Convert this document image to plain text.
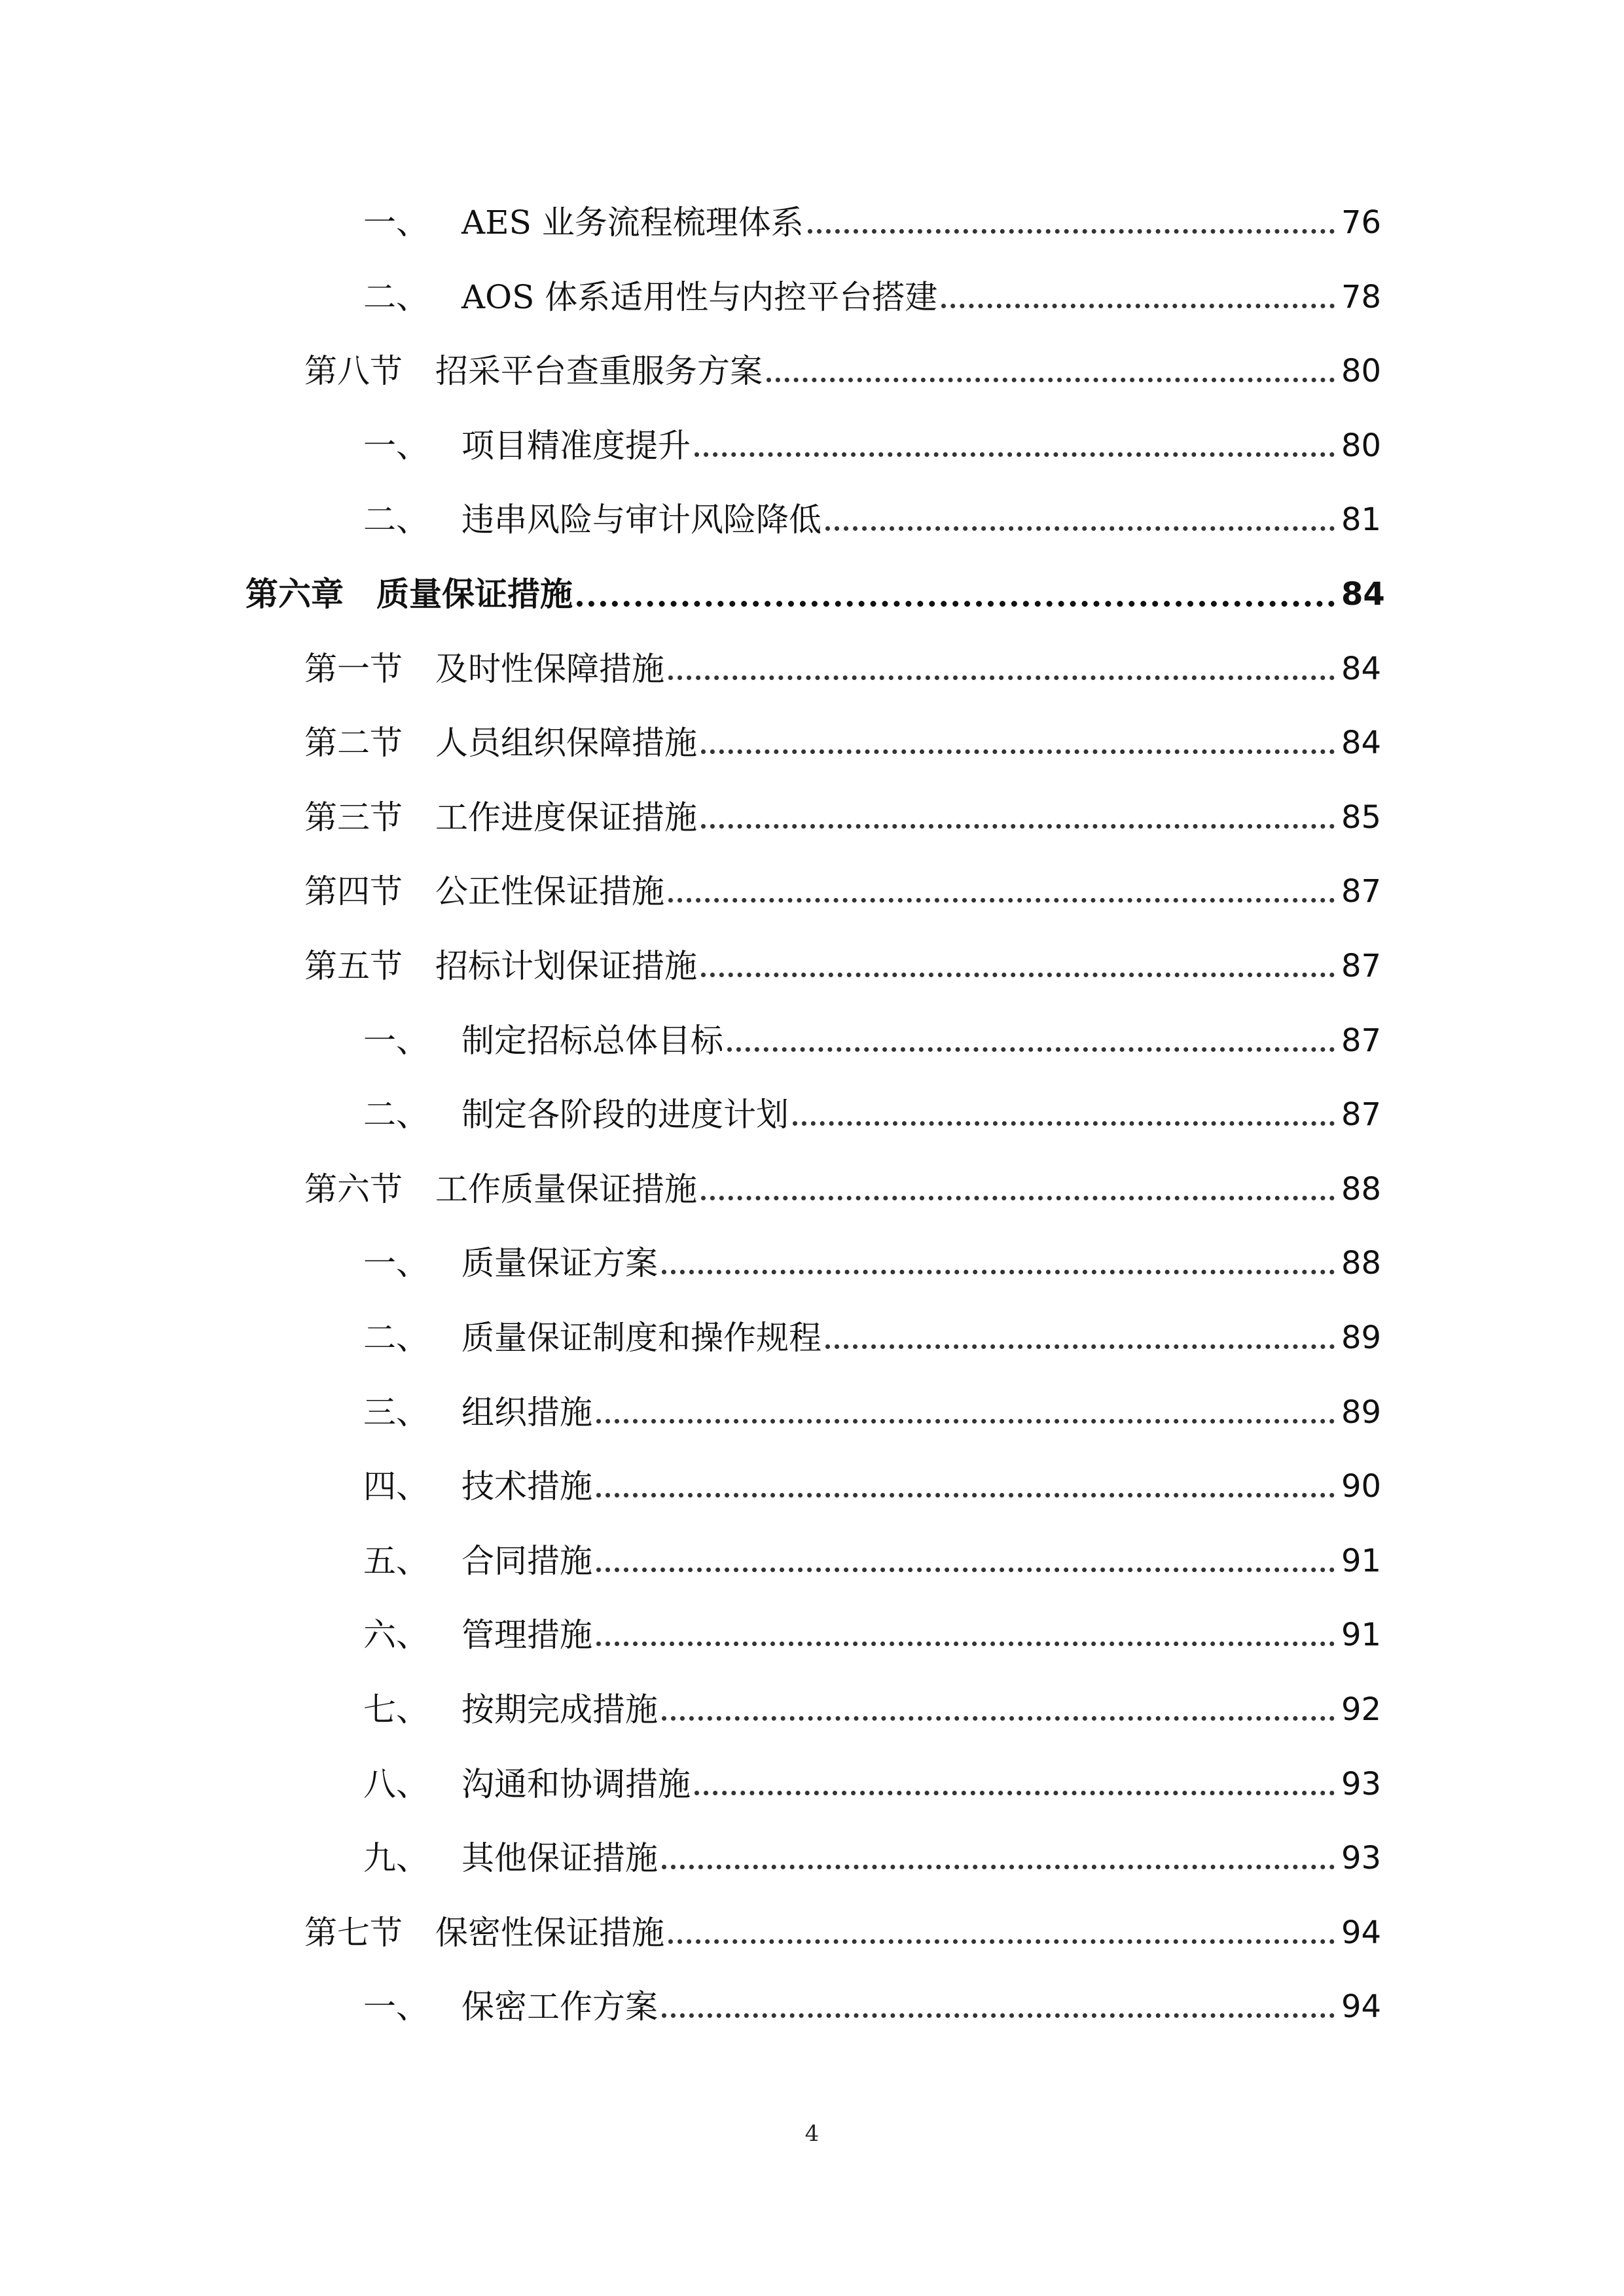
一、 AES 业务流程梳理体系	76
二、 AOS 体系适用性与内控平台搭建	78
第八节 招采平台查重服务方案	80
一、 项目精准度提升	80
二、 违串风险与审计风险降低	81
第六章 质量保证措施	84
第一节 及时性保障措施	84
第二节 人员组织保障措施	84
第三节 工作进度保证措施	85
第四节 公正性保证措施	87
第五节 招标计划保证措施	87
一、 制定招标总体目标	87
二、 制定各阶段的进度计划	87
第六节 工作质量保证措施	88
一、 质量保证方案	88
二、 质量保证制度和操作规程	89
三、 组织措施	89
四、 技术措施	90
五、 合同措施	91
六、 管理措施	91
七、 按期完成措施	92
八、 沟通和协调措施	93
九、 其他保证措施	93
第七节 保密性保证措施	94
一、 保密工作方案	94
4
